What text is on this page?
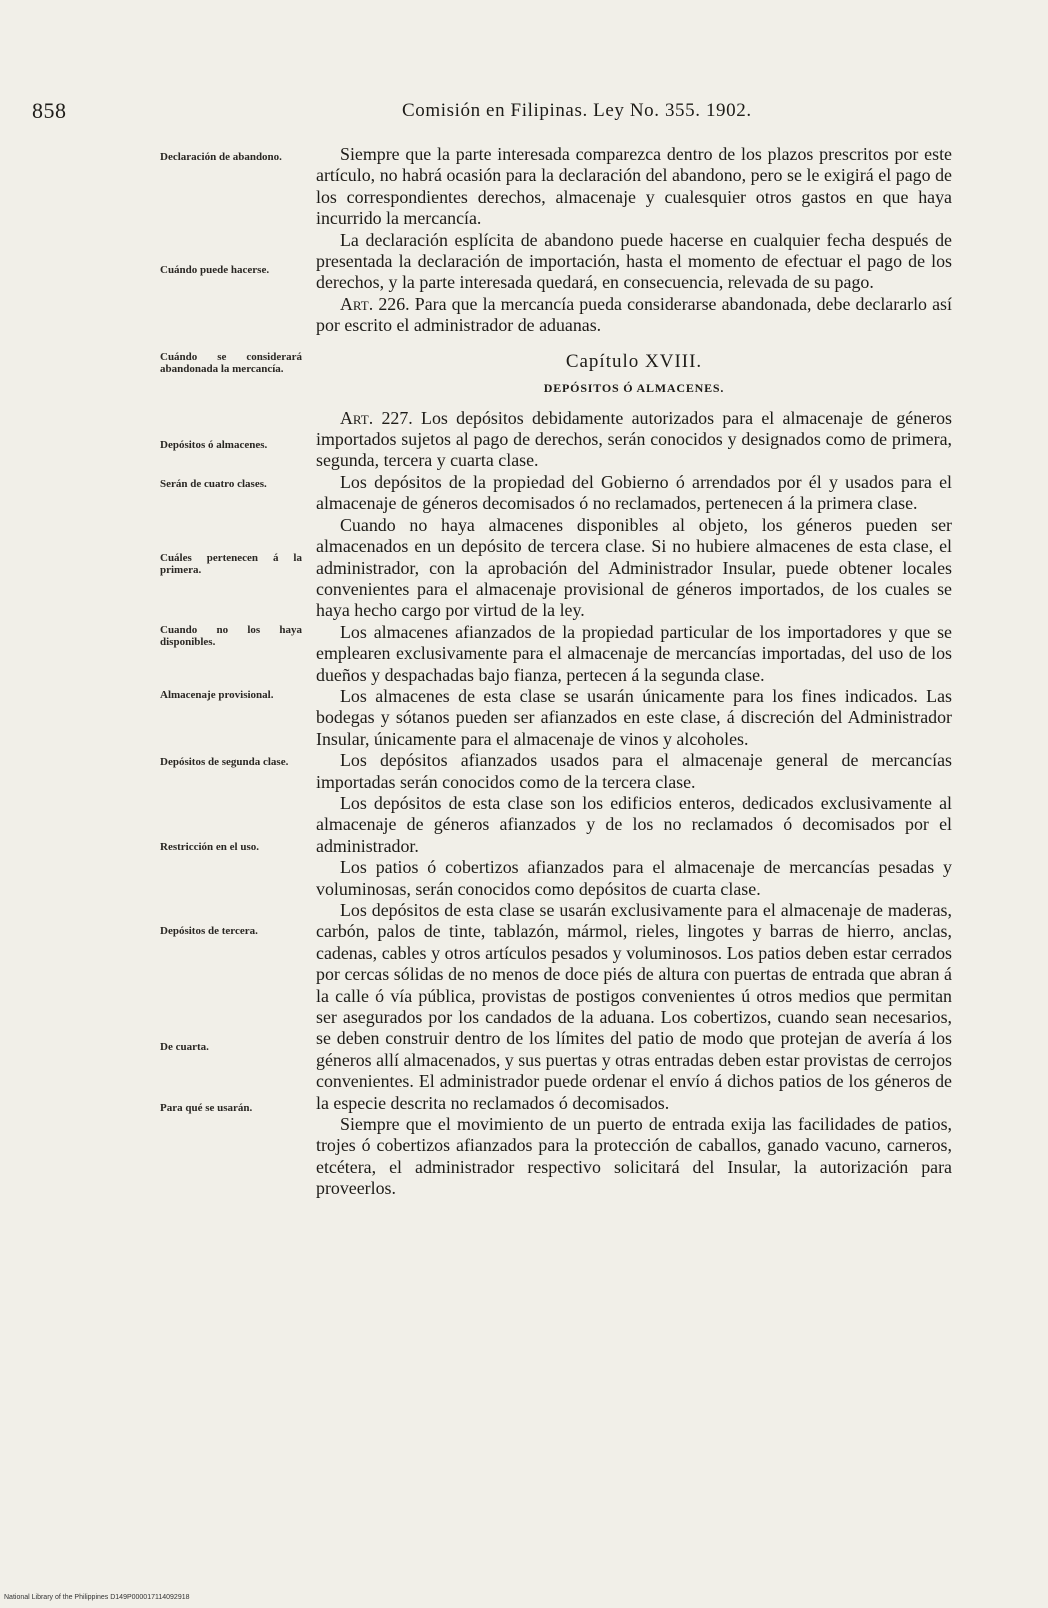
858	Comisión en Filipinas. Ley No. 355. 1902.
Declaración de abandono.
Cuándo puede hacerse.
Cuándo se considerará abandonada la mercancía.
Depósitos ó almacenes.
Serán de cuatro clases.
Cuáles pertenecen á la primera.
Cuando no los haya disponibles.
Almacenaje provisional.
Depósitos de segunda clase.
Restricción en el uso.
Depósitos de tercera.
De cuarta.
Para qué se usarán.

Siempre que la parte interesada comparezca dentro de los plazos prescritos por este artículo, no habrá ocasión para la declaración del abandono, pero se le exigirá el pago de los correspondientes derechos, almacenaje y cualesquier otros gastos en que haya incurrido la mercancía.

La declaración esplícita de abandono puede hacerse en cualquier fecha después de presentada la declaración de importación, hasta el momento de efectuar el pago de los derechos, y la parte interesada quedará, en consecuencia, relevada de su pago.

Art. 226. Para que la mercancía pueda considerarse abandonada, debe declararlo así por escrito el administrador de aduanas.

Capítulo XVIII.
DEPÓSITOS Ó ALMACENES.

Art. 227. Los depósitos debidamente autorizados para el almacenaje de géneros importados sujetos al pago de derechos, serán conocidos y designados como de primera, segunda, tercera y cuarta clase.

Los depósitos de la propiedad del Gobierno ó arrendados por él y usados para el almacenaje de géneros decomisados ó no reclamados, pertenecen á la primera clase.

Cuando no haya almacenes disponibles al objeto, los géneros pueden ser almacenados en un depósito de tercera clase. Si no hubiere almacenes de esta clase, el administrador, con la aprobación del Administrador Insular, puede obtener locales convenientes para el almacenaje provisional de géneros importados, de los cuales se haya hecho cargo por virtud de la ley.

Los almacenes afianzados de la propiedad particular de los importadores y que se emplearen exclusivamente para el almacenaje de mercancías importadas, del uso de los dueños y despachadas bajo fianza, pertecen á la segunda clase.

Los almacenes de esta clase se usarán únicamente para los fines indicados. Las bodegas y sótanos pueden ser afianzados en este clase, á discreción del Administrador Insular, únicamente para el almacenaje de vinos y alcoholes.

Los depósitos afianzados usados para el almacenaje general de mercancías importadas serán conocidos como de la tercera clase.

Los depósitos de esta clase son los edificios enteros, dedicados exclusivamente al almacenaje de géneros afianzados y de los no reclamados ó decomisados por el administrador.

Los patios ó cobertizos afianzados para el almacenaje de mercancías pesadas y voluminosas, serán conocidos como depósitos de cuarta clase.

Los depósitos de esta clase se usarán exclusivamente para el almacenaje de maderas, carbón, palos de tinte, tablazón, mármol, rieles, lingotes y barras de hierro, anclas, cadenas, cables y otros artículos pesados y voluminosos. Los patios deben estar cerrados por cercas sólidas de no menos de doce piés de altura con puertas de entrada que abran á la calle ó vía pública, provistas de postigos convenientes ú otros medios que permitan ser asegurados por los candados de la aduana. Los cobertizos, cuando sean necesarios, se deben construir dentro de los límites del patio de modo que protejan de avería á los géneros allí almacenados, y sus puertas y otras entradas deben estar provistas de cerrojos convenientes. El administrador puede ordenar el envío á dichos patios de los géneros de la especie descrita no reclamados ó decomisados.

Siempre que el movimiento de un puerto de entrada exija las facilidades de patios, trojes ó cobertizos afianzados para la protección de caballos, ganado vacuno, carneros, etcétera, el administrador respectivo solicitará del Insular, la autorización para proveerlos.

National Library of the Philippines D149P000017114092918
